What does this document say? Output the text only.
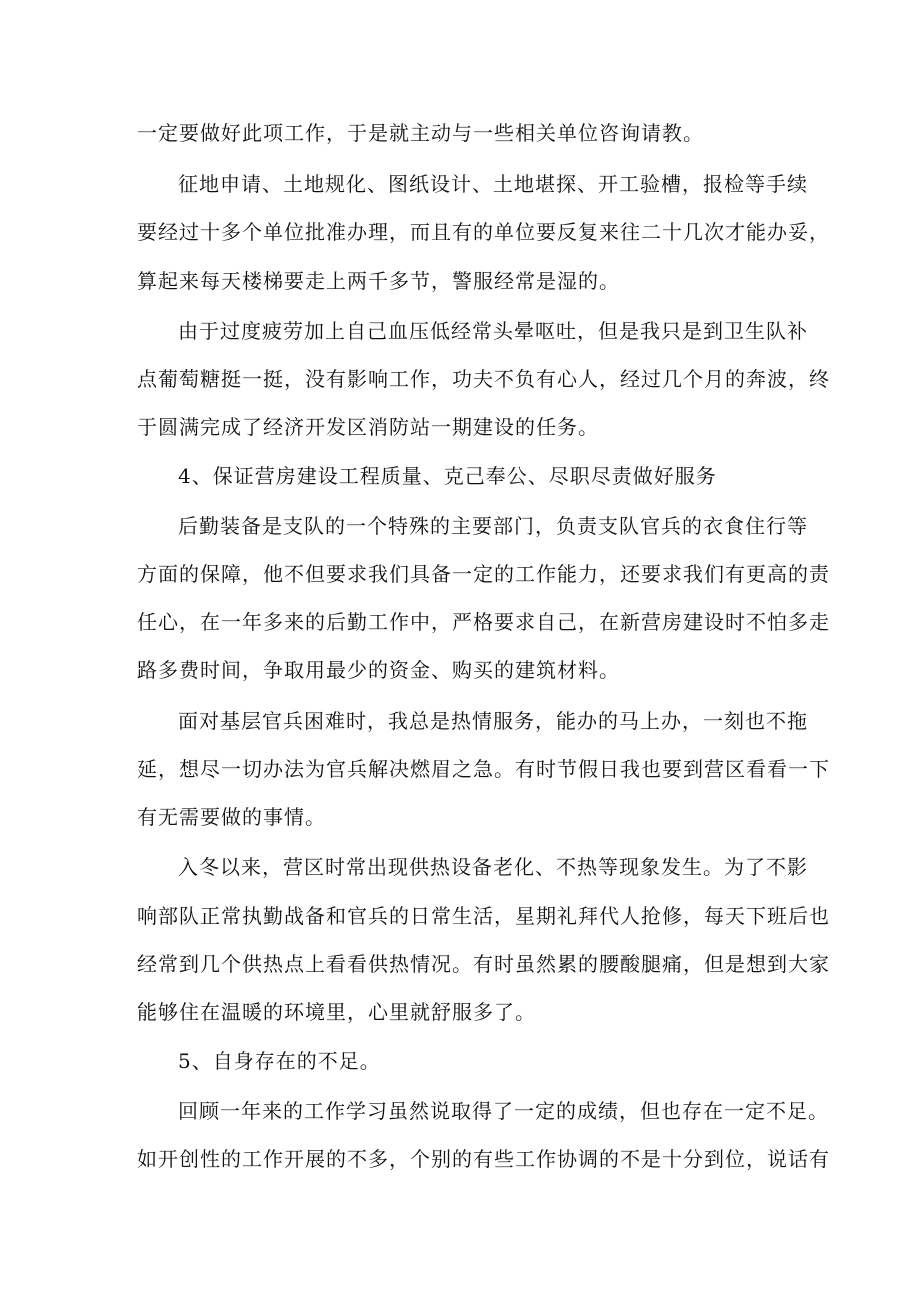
一定要做好此项工作，于是就主动与一些相关单位咨询请教。
征地申请、土地规化、图纸设计、土地堪探、开工验槽，报检等手续
要经过十多个单位批准办理，而且有的单位要反复来往二十几次才能办妥，
算起来每天楼梯要走上两千多节，警服经常是湿的。
由于过度疲劳加上自己血压低经常头晕呕吐，但是我只是到卫生队补
点葡萄糖挺一挺，没有影响工作，功夫不负有心人，经过几个月的奔波，终
于圆满完成了经济开发区消防站一期建设的任务。
4、保证营房建设工程质量、克己奉公、尽职尽责做好服务
后勤装备是支队的一个特殊的主要部门，负责支队官兵的衣食住行等
方面的保障，他不但要求我们具备一定的工作能力，还要求我们有更高的责
任心，在一年多来的后勤工作中，严格要求自己，在新营房建设时不怕多走
路多费时间，争取用最少的资金、购买的建筑材料。
面对基层官兵困难时，我总是热情服务，能办的马上办，一刻也不拖
延，想尽一切办法为官兵解决燃眉之急。有时节假日我也要到营区看看一下
有无需要做的事情。
入冬以来，营区时常出现供热设备老化、不热等现象发生。为了不影
响部队正常执勤战备和官兵的日常生活，星期礼拜代人抢修，每天下班后也
经常到几个供热点上看看供热情况。有时虽然累的腰酸腿痛，但是想到大家
能够住在温暖的环境里，心里就舒服多了。
5、自身存在的不足。
回顾一年来的工作学习虽然说取得了一定的成绩，但也存在一定不足。
如开创性的工作开展的不多，个别的有些工作协调的不是十分到位，说话有
